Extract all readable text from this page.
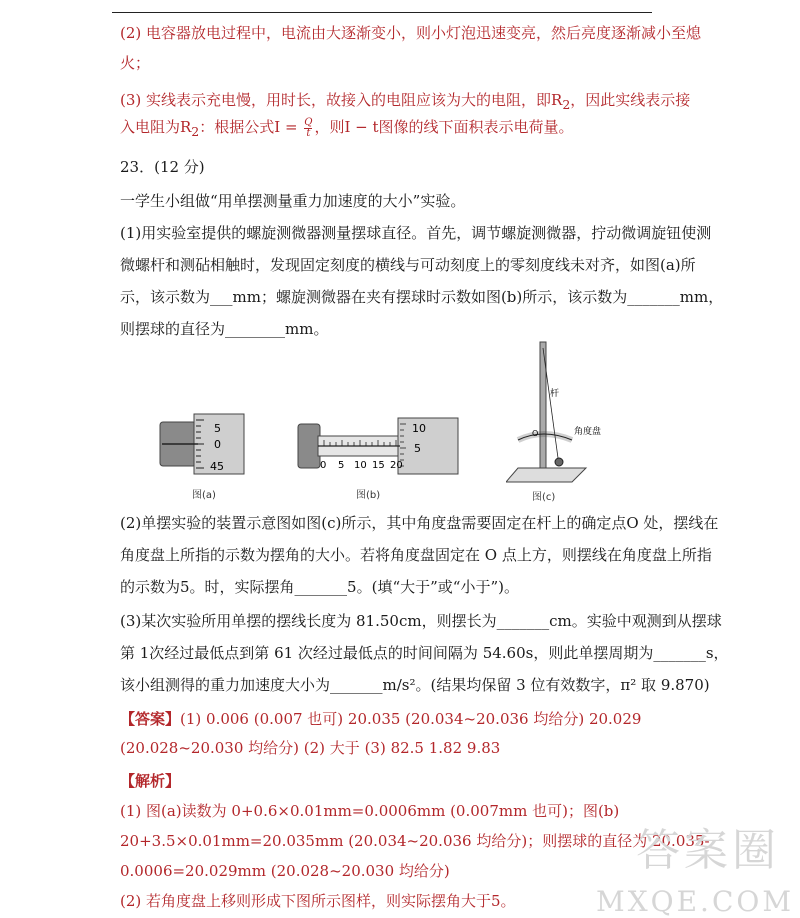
(2) 电容器放电过程中，电流由大逐渐变小，则小灯泡迅速变亮，然后亮度逐渐减小至熄
火；
(3) 实线表示充电慢，用时长，故接入的电阻应该为大的电阻，即$R_2$，因此实线表示接
入电阻为$R_2$：根据公式$I = \frac{Q}{t}$ ，则I − t图像的线下面积表示电荷量。
23．(12 分)
一学生小组做“用单摆测量重力加速度的大小”实验。
(1)用实验室提供的螺旋测微器测量摆球直径。首先，调节螺旋测微器，拧动微调旋钮使测
微螺杆和测砧相触时，发现固定刻度的横线与可动刻度上的零刻度线未对齐，如图(a)所
示，该示数为___mm；螺旋测微器在夹有摆球时示数如图(b)所示，该示数为_______mm，
则摆球的直径为________mm。
5
0
45
图(a)
0 5 10 15 20
10
5
图(b)
杆
O	角度盘
图(c)
(2)单摆实验的装置示意图如图(c)所示，其中角度盘需要固定在杆上的确定点O 处，摆线在
角度盘上所指的示数为摆角的大小。若将角度盘固定在 O 点上方，则摆线在角度盘上所指
的示数为5。时，实际摆角_______5。(填“大于”或“小于”)。
(3)某次实验所用单摆的摆线长度为 81.50cm，则摆长为_______cm。实验中观测到从摆球
第 1次经过最低点到第 61 次经过最低点的时间间隔为 54.60s，则此单摆周期为_______s，
该小组测得的重力加速度大小为_______m/s²。(结果均保留 3 位有效数字，π² 取 9.870)
【答案】(1) 0.006 (0.007 也可) 20.035 (20.034~20.036 均给分) 20.029
(20.028~20.030 均给分) (2) 大于 (3) 82.5 1.82 9.83
【解析】
(1) 图(a)读数为 0+0.6×0.01mm=0.0006mm (0.007mm 也可)；图(b)
20+3.5×0.01mm=20.035mm (20.034~20.036 均给分)；则摆球的直径为 20.035-
0.0006=20.029mm (20.028~20.030 均给分)
(2) 若角度盘上移则形成下图所示图样，则实际摆角大于5。
答案圈
MXQE.COM
